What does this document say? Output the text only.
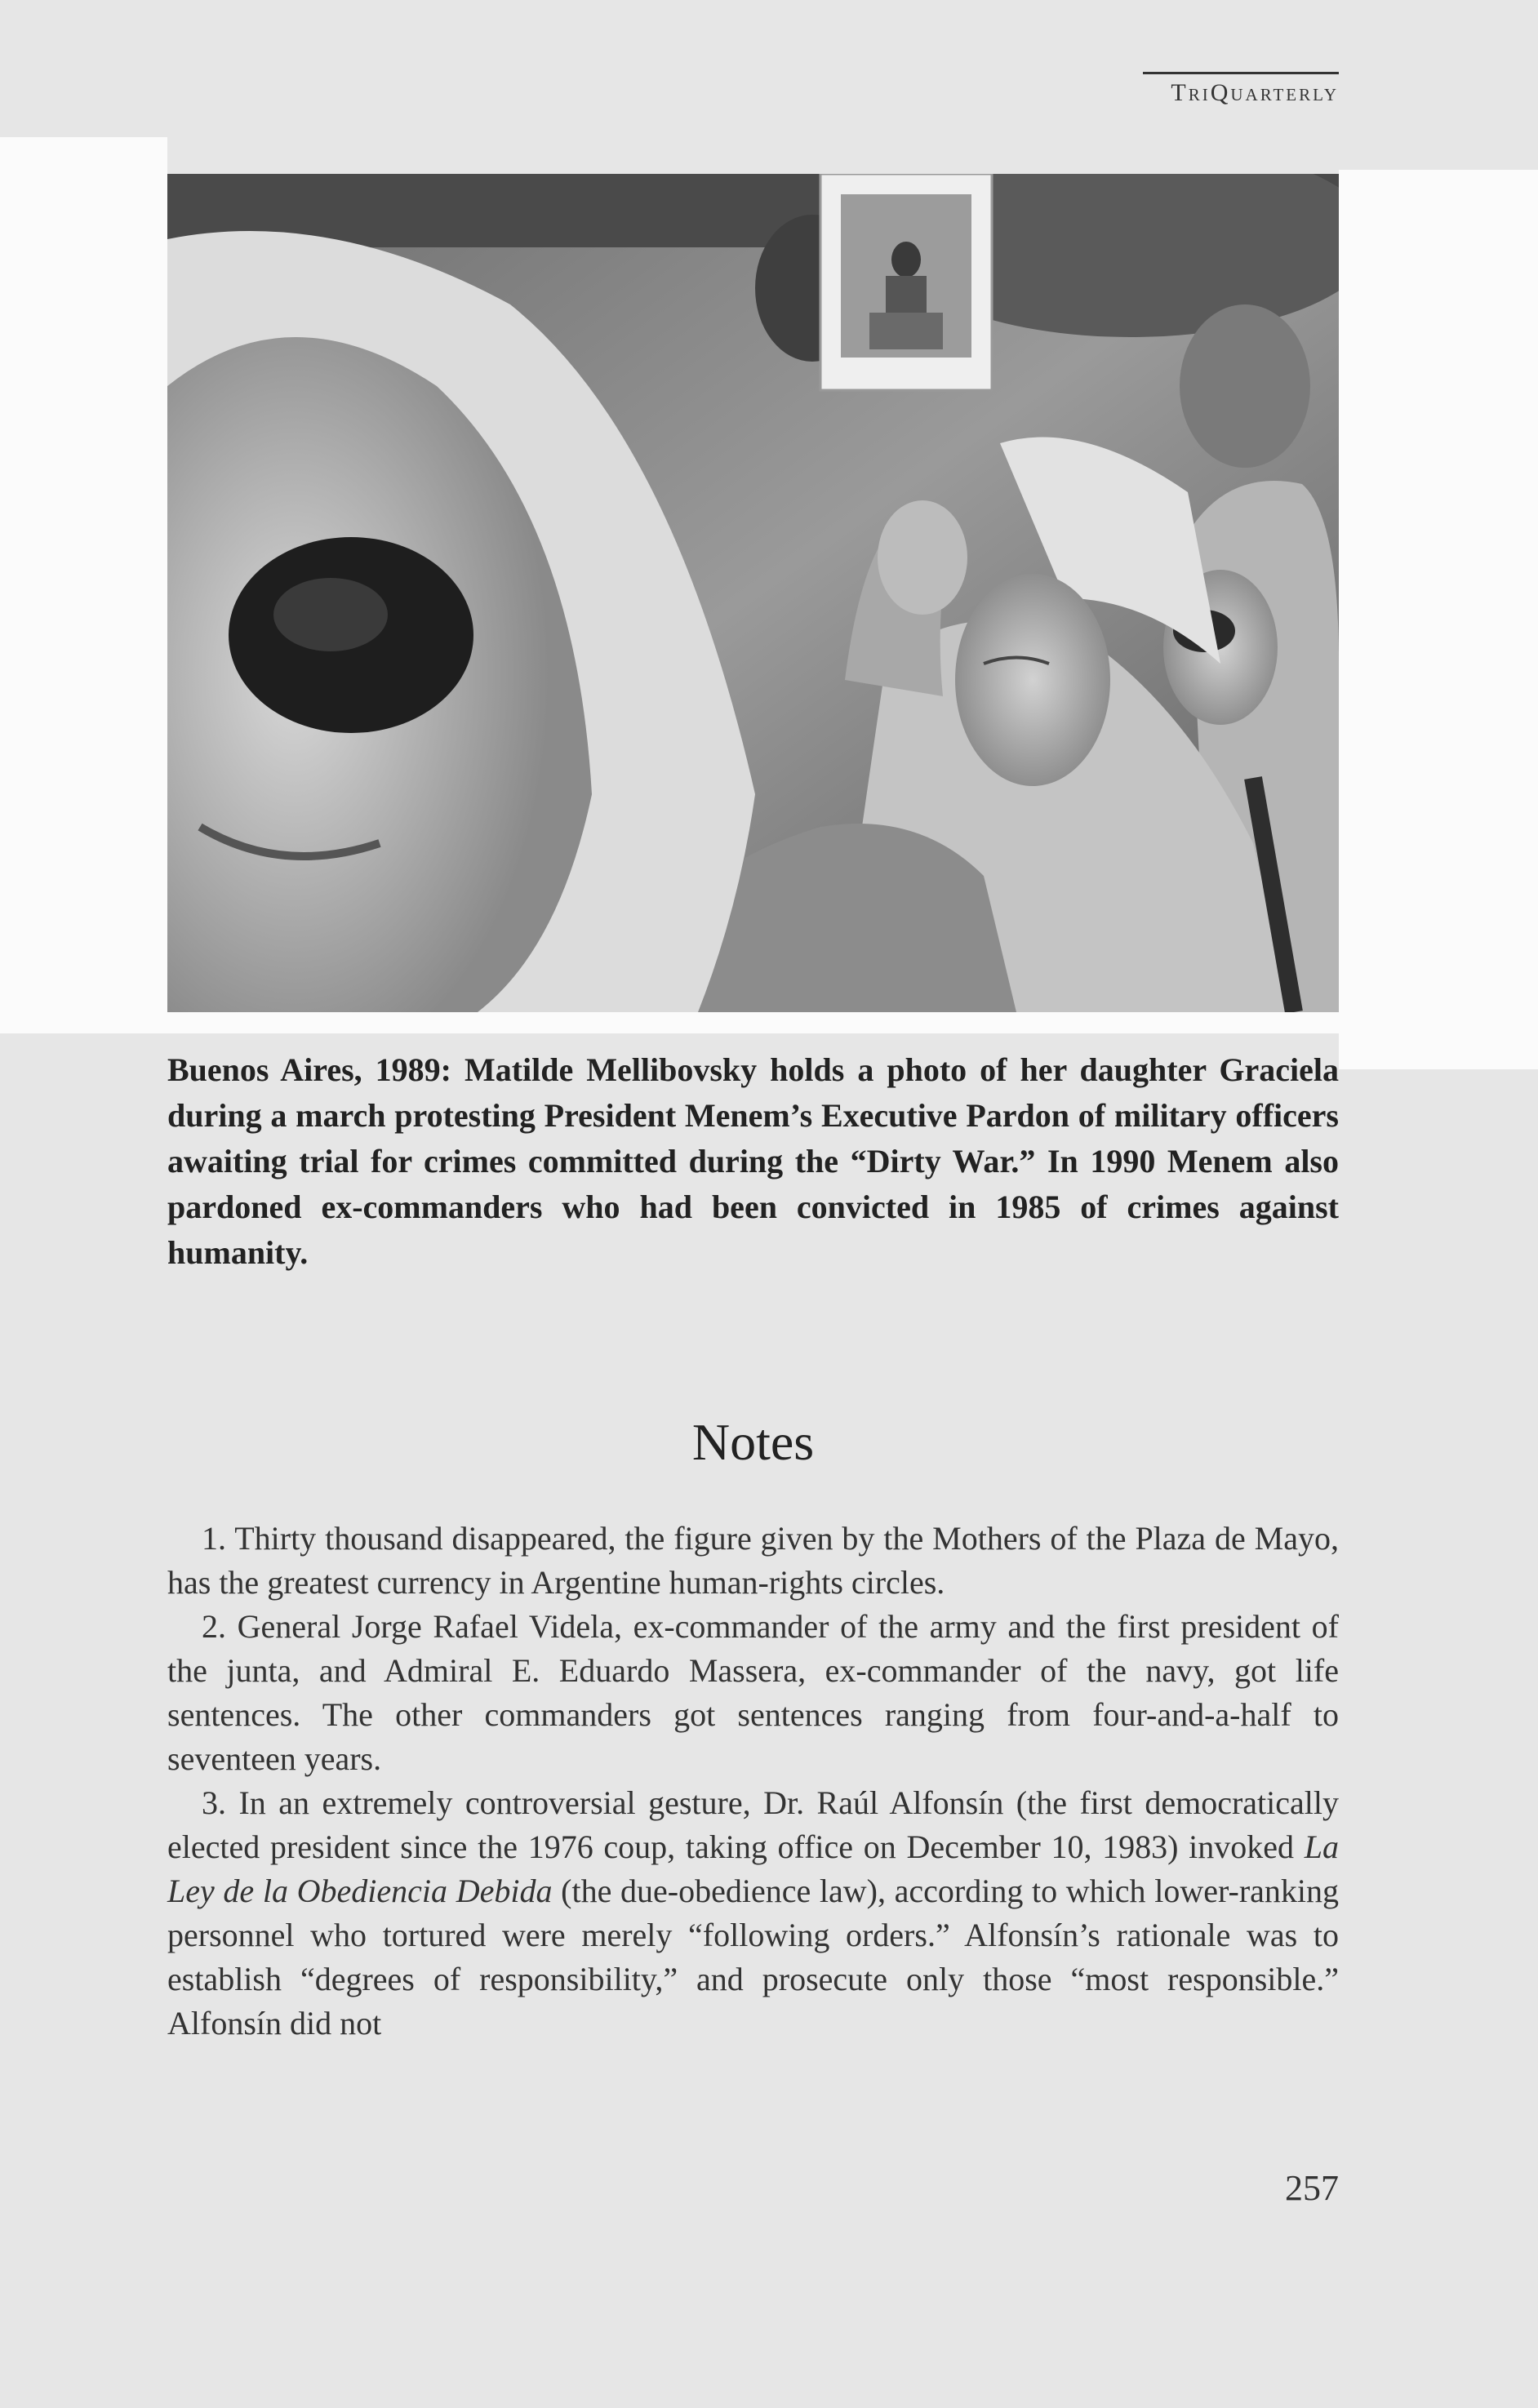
TriQuarterly
Buenos Aires, 1989: Matilde Mellibovsky holds a photo of her daughter Graciela during a march protesting President Menem’s Executive Pardon of military officers awaiting trial for crimes committed during the “Dirty War.” In 1990 Menem also pardoned ex-commanders who had been convicted in 1985 of crimes against humanity.
Notes

1. Thirty thousand disappeared, the figure given by the Mothers of the Plaza de Mayo, has the greatest currency in Argentine human-rights circles.

2. General Jorge Rafael Videla, ex-commander of the army and the first president of the junta, and Admiral E. Eduardo Massera, ex-commander of the navy, got life sentences. The other commanders got sentences ranging from four-and-a-half to seventeen years.

3. In an extremely controversial gesture, Dr. Raúl Alfonsín (the first democratically elected president since the 1976 coup, taking office on December 10, 1983) invoked La Ley de la Obediencia Debida (the due-obedience law), according to which lower-ranking personnel who tortured were merely “following orders.” Alfonsín’s rationale was to establish “degrees of responsibility,” and prosecute only those “most responsible.” Alfonsín did not

257
